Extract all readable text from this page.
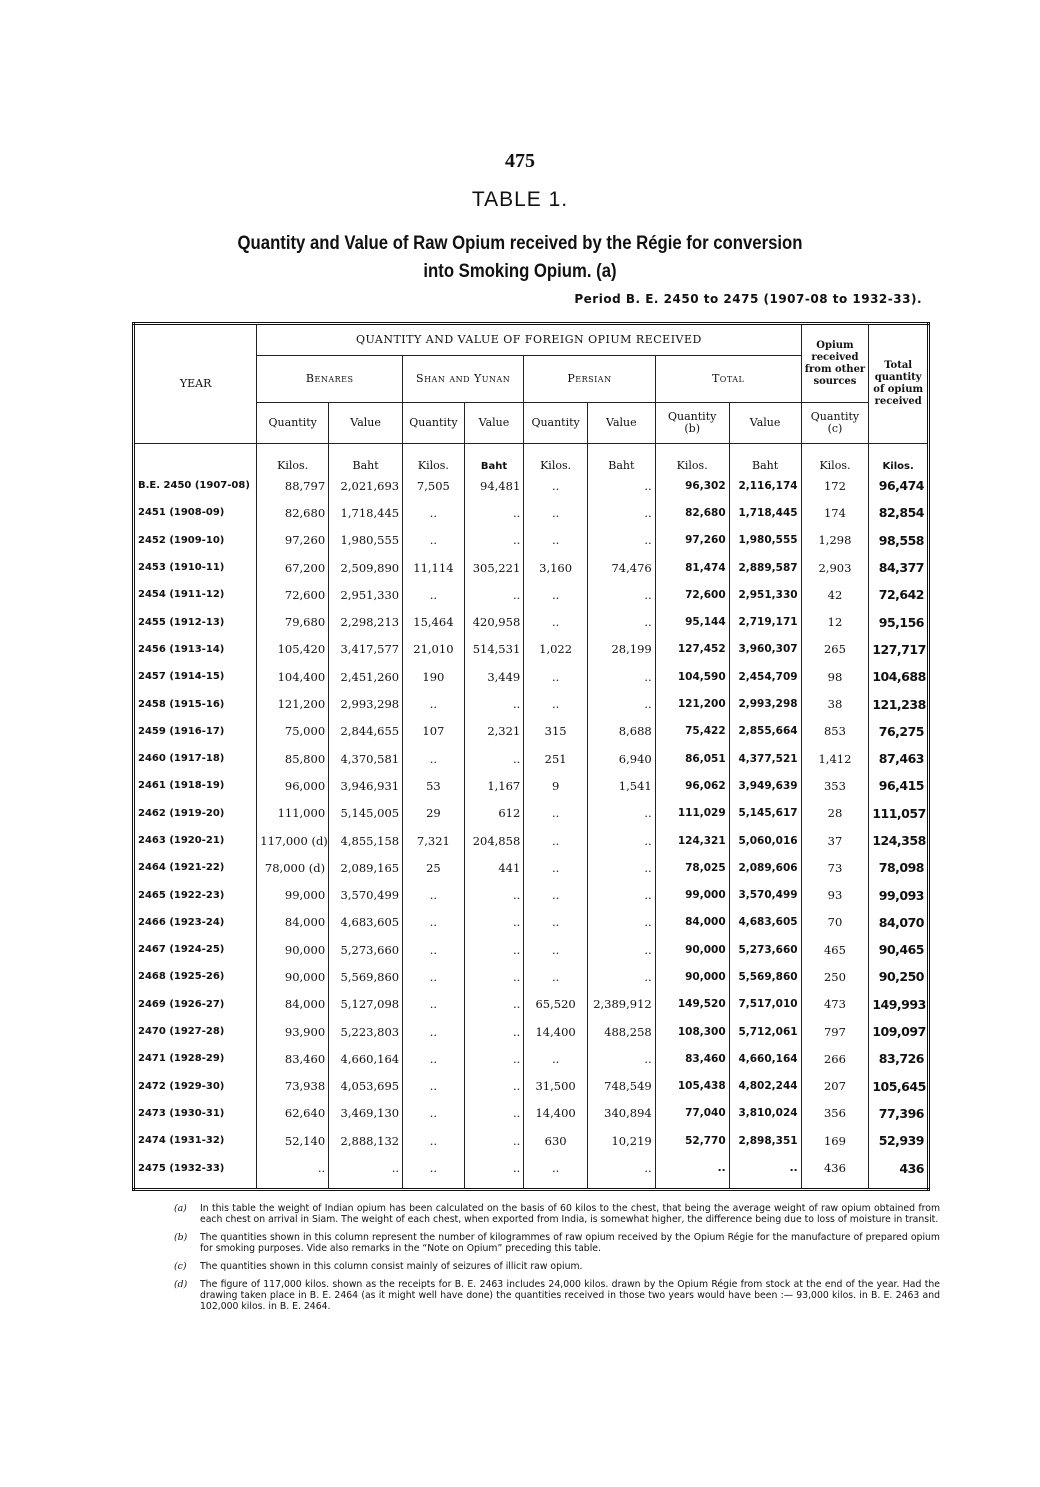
475
TABLE 1.
Quantity and Value of Raw Opium received by the Régie for conversion
into Smoking Opium. (a)
Period B. E. 2450 to 2475 (1907-08 to 1932-33).
YEAR	QUANTITY AND VALUE OF FOREIGN OPIUM RECEIVED								Opium received from other sources	Total quantity of opium received
	Benares		Shan and Yunan		Persian		Total			
	Quantity	Value	Quantity	Value	Quantity	Value	Quantity (b)	Value	Quantity (c)	

	Kilos.	Baht	Kilos.	Baht	Kilos.	Baht	Kilos.	Baht	Kilos.	Kilos.
B.E. 2450 (1907-08)	88,797	2,021,693	7,505	94,481	..	..	96,302	2,116,174	172	96,474
2451 (1908-09)	82,680	1,718,445	..	..	..	..	82,680	1,718,445	174	82,854
2452 (1909-10)	97,260	1,980,555	..	..	..	..	97,260	1,980,555	1,298	98,558
2453 (1910-11)	67,200	2,509,890	11,114	305,221	3,160	74,476	81,474	2,889,587	2,903	84,377
2454 (1911-12)	72,600	2,951,330	..	..	..	..	72,600	2,951,330	42	72,642
2455 (1912-13)	79,680	2,298,213	15,464	420,958	..	..	95,144	2,719,171	12	95,156
2456 (1913-14)	105,420	3,417,577	21,010	514,531	1,022	28,199	127,452	3,960,307	265	127,717
2457 (1914-15)	104,400	2,451,260	190	3,449	..	..	104,590	2,454,709	98	104,688
2458 (1915-16)	121,200	2,993,298	..	..	..	..	121,200	2,993,298	38	121,238
2459 (1916-17)	75,000	2,844,655	107	2,321	315	8,688	75,422	2,855,664	853	76,275
2460 (1917-18)	85,800	4,370,581	..	..	251	6,940	86,051	4,377,521	1,412	87,463
2461 (1918-19)	96,000	3,946,931	53	1,167	9	1,541	96,062	3,949,639	353	96,415
2462 (1919-20)	111,000	5,145,005	29	612	..	..	111,029	5,145,617	28	111,057
2463 (1920-21)	117,000 (d)	4,855,158	7,321	204,858	..	..	124,321	5,060,016	37	124,358
2464 (1921-22)	78,000 (d)	2,089,165	25	441	..	..	78,025	2,089,606	73	78,098
2465 (1922-23)	99,000	3,570,499	..	..	..	..	99,000	3,570,499	93	99,093
2466 (1923-24)	84,000	4,683,605	..	..	..	..	84,000	4,683,605	70	84,070
2467 (1924-25)	90,000	5,273,660	..	..	..	..	90,000	5,273,660	465	90,465
2468 (1925-26)	90,000	5,569,860	..	..	..	..	90,000	5,569,860	250	90,250
2469 (1926-27)	84,000	5,127,098	..	..	65,520	2,389,912	149,520	7,517,010	473	149,993
2470 (1927-28)	93,900	5,223,803	..	..	14,400	488,258	108,300	5,712,061	797	109,097
2471 (1928-29)	83,460	4,660,164	..	..	..	..	83,460	4,660,164	266	83,726
2472 (1929-30)	73,938	4,053,695	..	..	31,500	748,549	105,438	4,802,244	207	105,645
2473 (1930-31)	62,640	3,469,130	..	..	14,400	340,894	77,040	3,810,024	356	77,396
2474 (1931-32)	52,140	2,888,132	..	..	630	10,219	52,770	2,898,351	169	52,939
2475 (1932-33)	..	..	..	..	..	..	..	..	436	436

(a)	In this table the weight of Indian opium has been calculated on the basis of 60 kilos to the chest, that being the average weight of raw opium obtained from each chest on arrival in Siam. The weight of each chest, when exported from India, is somewhat higher, the difference being due to loss of moisture in transit.
(b)	The quantities shown in this column represent the number of kilogrammes of raw opium received by the Opium Régie for the manufacture of prepared opium for smoking purposes. Vide also remarks in the “Note on Opium” preceding this table.
(c)	The quantities shown in this column consist mainly of seizures of illicit raw opium.
(d)	The figure of 117,000 kilos. shown as the receipts for B. E. 2463 includes 24,000 kilos. drawn by the Opium Régie from stock at the end of the year. Had the drawing taken place in B. E. 2464 (as it might well have done) the quantities received in those two years would have been :— 93,000 kilos. in B. E. 2463 and 102,000 kilos. in B. E. 2464.
